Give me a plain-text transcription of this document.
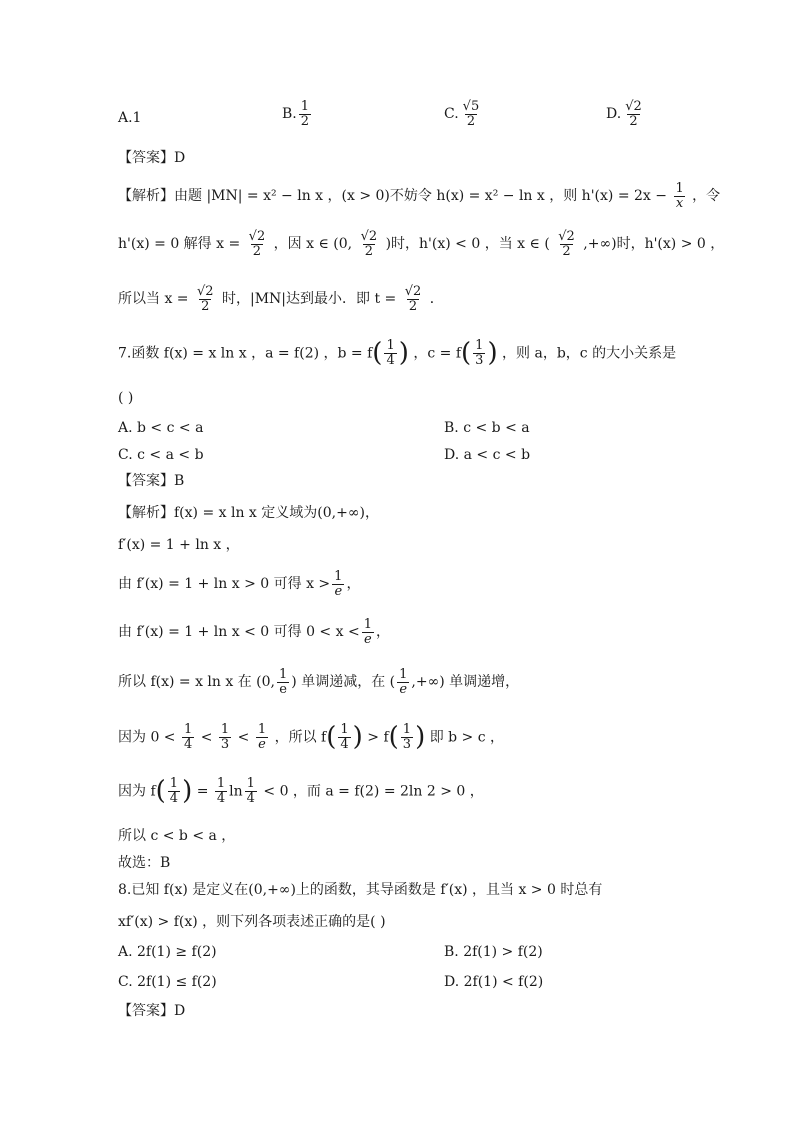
A.1	B. $\frac{1}{2}$	C. $\frac{√5}{2}$	D. $\frac{√2}{2}$
【答案】D
【解析】由题 |MN| = x² − ln x ，(x > 0)不妨令 h(x) = x² − ln x ，则 $h'(x) = 2x - \frac{1}{x}$ ，令
h'(x) = 0 解得 $x = \frac{√2}{2}$ ，因 x ∈ (0, $\frac{√2}{2}$ )时，h'(x) < 0 ，当 x ∈ ( $\frac{√2}{2}$ ,+∞)时，h'(x) > 0 ，
所以当 $x = \frac{√2}{2}$ 时，|MN|达到最小．即 $t = \frac{√2}{2}$ ．
7.函数 f(x) = x ln x ，a = f(2) ，$b = f( \frac{1}{4}$ ) ，$c = f( \frac{1}{3}$ ) ，则 a，b，c 的大小关系是
( )
A. b < c < a	B. c < b < a
C. c < a < b	D. a < c < b
【答案】B
【解析】f(x) = x ln x 定义域为(0,+∞)，
f′(x) = 1 + ln x ，
由 f′(x) = 1 + ln x > 0 可得 $x > \frac{1}{e}$ ，
由 f′(x) = 1 + ln x < 0 可得 $0 < x < \frac{1}{e}$ ，
所以 f(x) = x ln x 在 (0, $\frac{1}{e}$ ) 单调递减，在 ( $\frac{1}{e}$ ,+∞) 单调递增，
因为 $0 < \frac{1}{4} < \frac{1}{3} < \frac{1}{e}$ ，所以 $f( \frac{1}{4}$ ) > $f( \frac{1}{3}$ ) 即 b > c ，
因为 $f( \frac{1}{4}$ ) = $\frac{1}{4}$ $\ln \frac{1}{4} < 0$ ，而 a = f(2) = 2ln 2 > 0 ，
所以 c < b < a ，
故选：B
8.已知 f(x) 是定义在(0,+∞)上的函数，其导函数是 f′(x) ，且当 x > 0 时总有
xf′(x) > f(x) ，则下列各项表述正确的是( )
A. 2f(1) ≥ f(2)	B. 2f(1) > f(2)
C. 2f(1) ≤ f(2)	D. 2f(1) < f(2)
【答案】D
